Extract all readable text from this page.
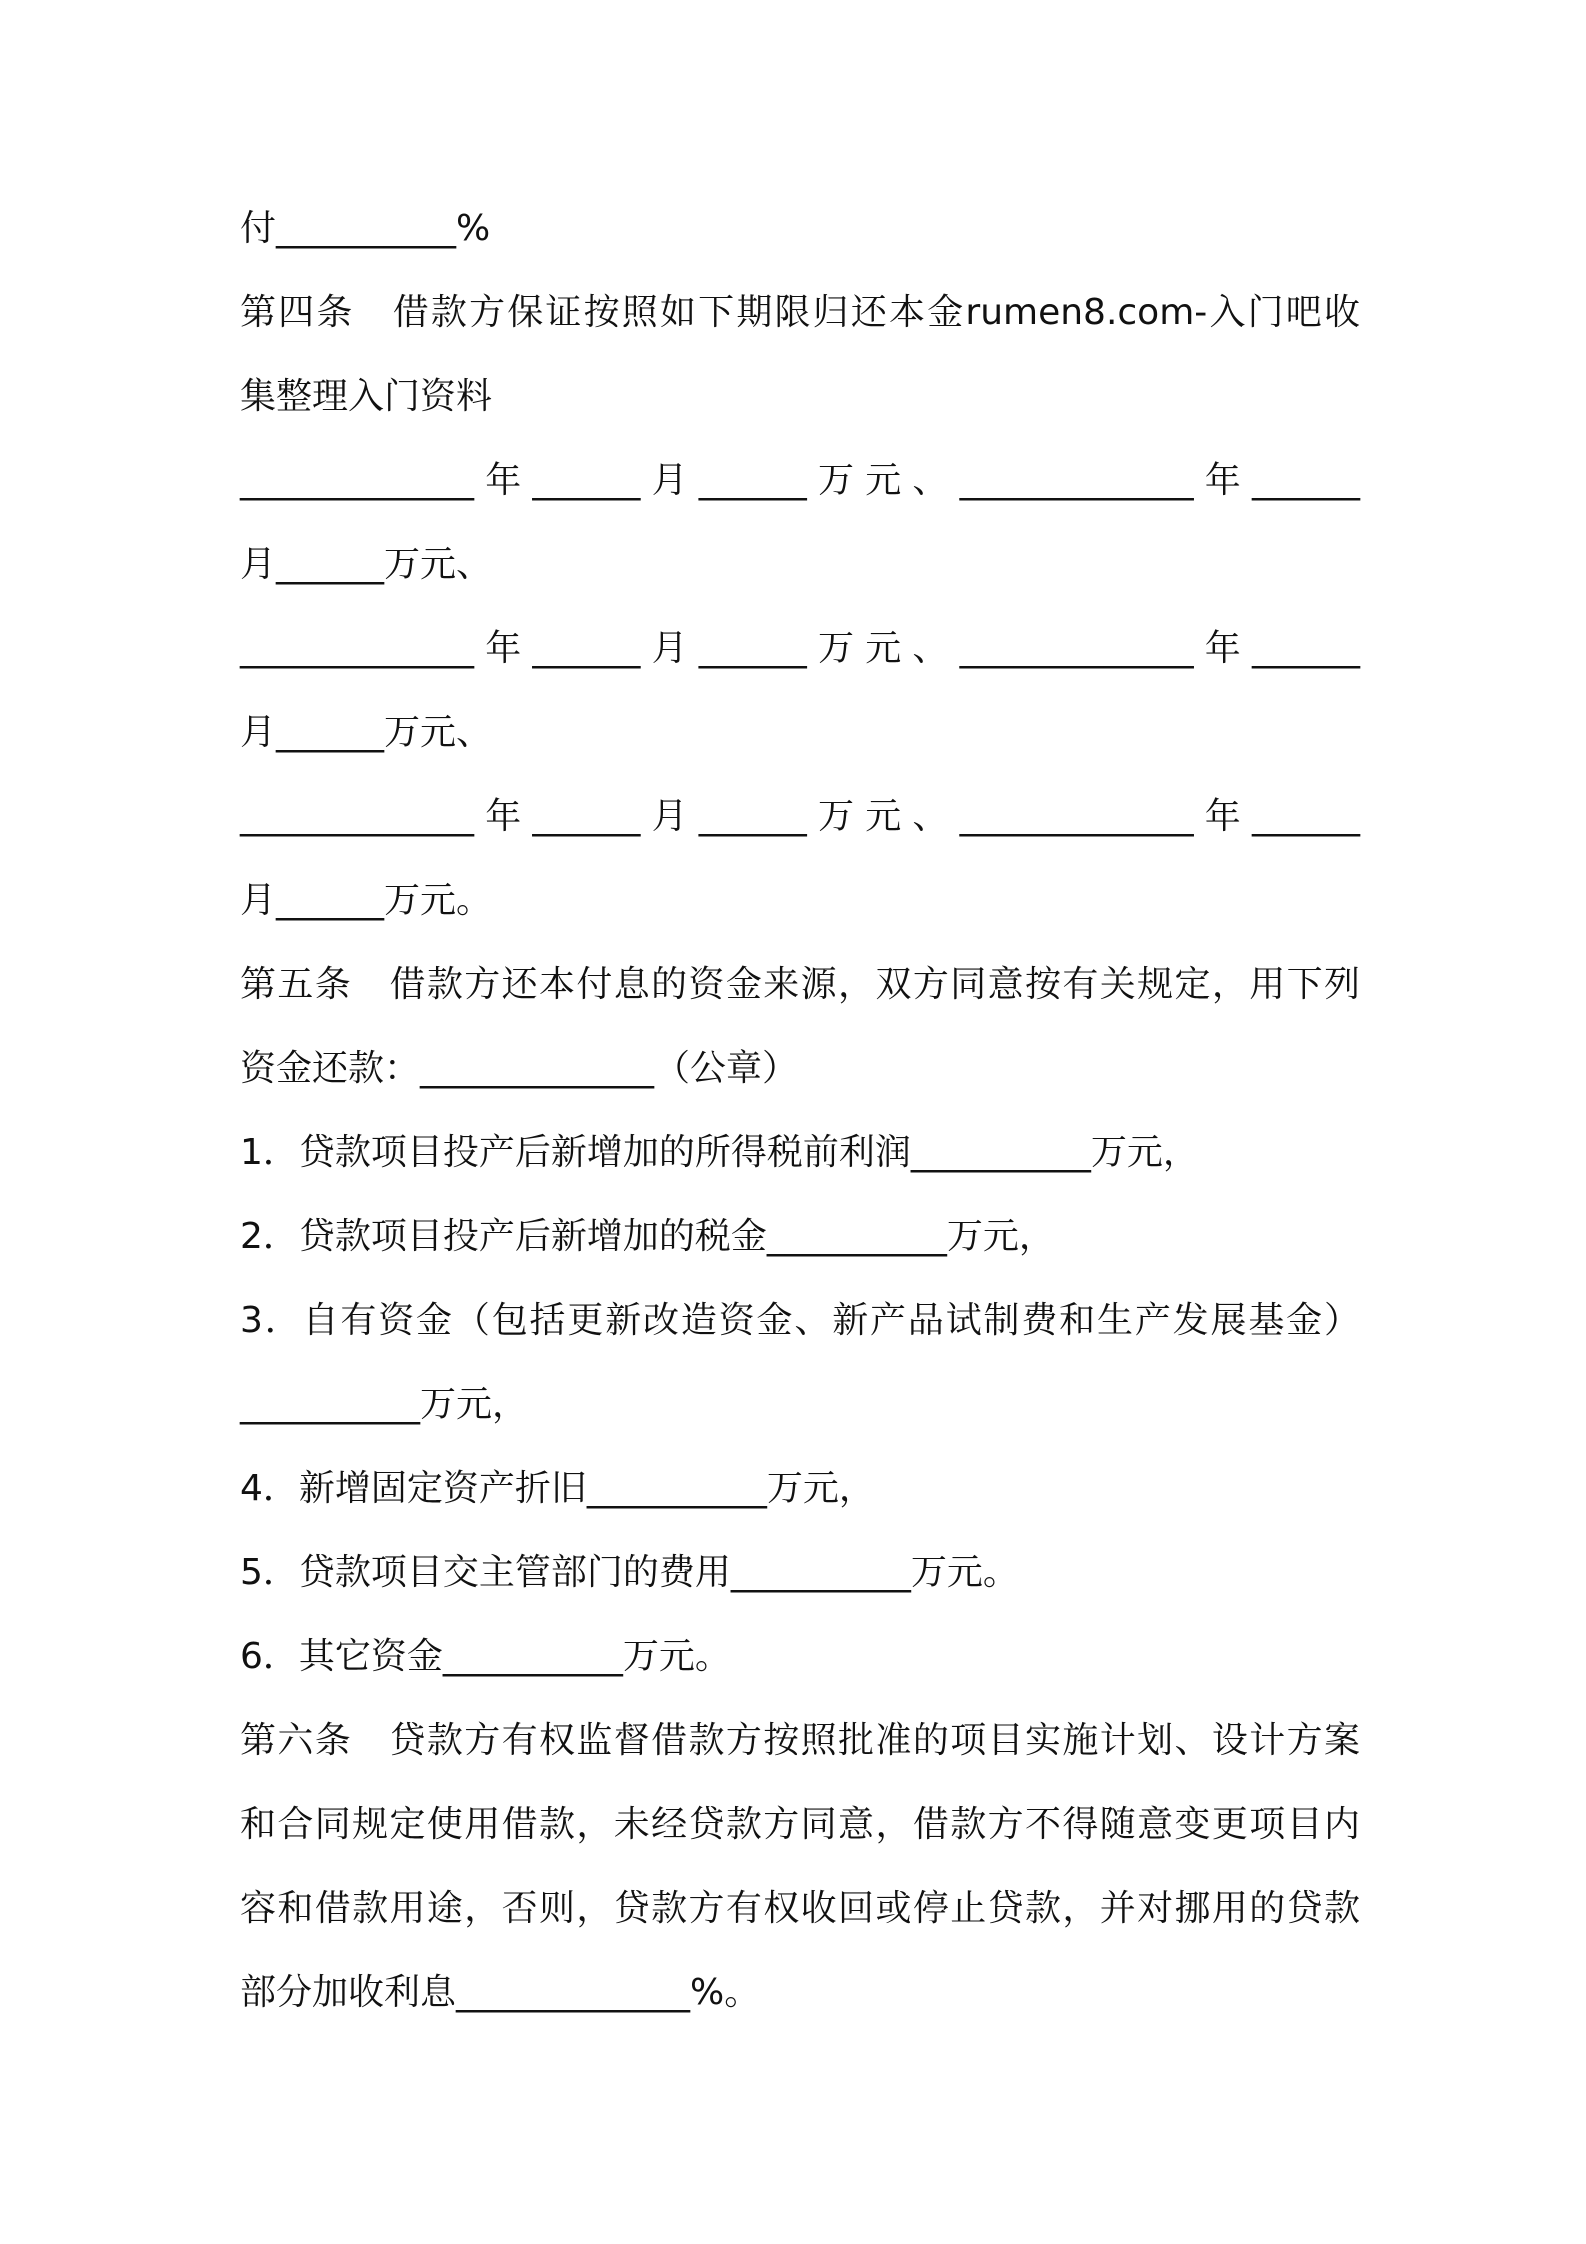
付__________%
第四条　借款方保证按照如下期限归还本金rumen8.com-入门吧收
集整理入门资料
_____________年______月______万元、_____________年______
月______万元、
_____________年______月______万元、_____________年______
月______万元、
_____________年______月______万元、_____________年______
月______万元。
第五条　借款方还本付息的资金来源，双方同意按有关规定，用下列
资金还款：_____________（公章）
1．贷款项目投产后新增加的所得税前利润__________万元，
2．贷款项目投产后新增加的税金__________万元，
3．自有资金（包括更新改造资金、新产品试制费和生产发展基金）
__________万元，
4．新增固定资产折旧__________万元，
5．贷款项目交主管部门的费用__________万元。
6．其它资金__________万元。
第六条　贷款方有权监督借款方按照批准的项目实施计划、设计方案
和合同规定使用借款，未经贷款方同意，借款方不得随意变更项目内
容和借款用途，否则，贷款方有权收回或停止贷款，并对挪用的贷款
部分加收利息_____________%。
